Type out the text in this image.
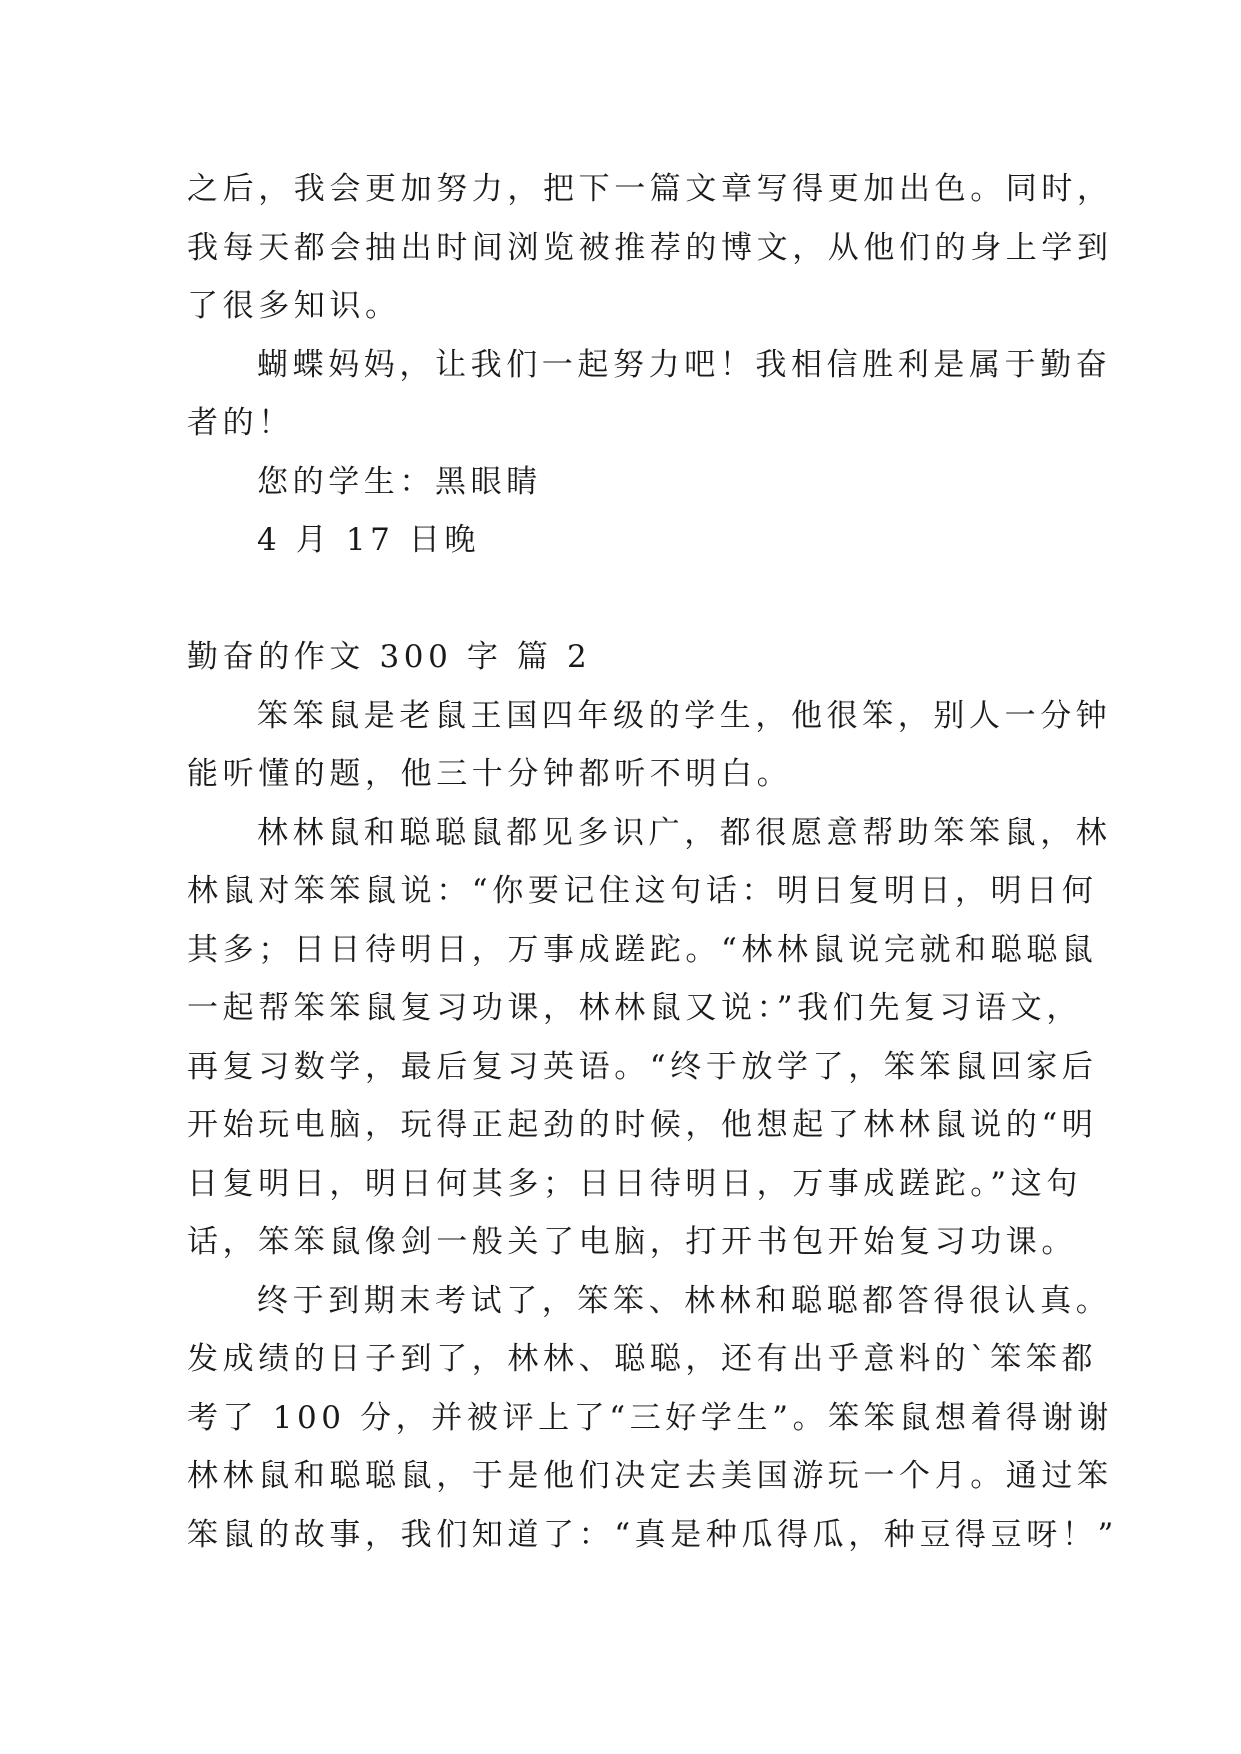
之后，我会更加努力，把下一篇文章写得更加出色。同时，
我每天都会抽出时间浏览被推荐的博文，从他们的身上学到
了很多知识。
蝴蝶妈妈，让我们一起努力吧！我相信胜利是属于勤奋
者的！
您的学生：黑眼睛
4 月 17 日晚
勤奋的作文 300 字 篇 2
笨笨鼠是老鼠王国四年级的学生，他很笨，别人一分钟
能听懂的题，他三十分钟都听不明白。
林林鼠和聪聪鼠都见多识广，都很愿意帮助笨笨鼠，林
林鼠对笨笨鼠说：“你要记住这句话：明日复明日，明日何
其多；日日待明日，万事成蹉跎。“林林鼠说完就和聪聪鼠
一起帮笨笨鼠复习功课，林林鼠又说：”我们先复习语文，
再复习数学，最后复习英语。“终于放学了，笨笨鼠回家后
开始玩电脑，玩得正起劲的时候，他想起了林林鼠说的“明
日复明日，明日何其多；日日待明日，万事成蹉跎。”这句
话，笨笨鼠像剑一般关了电脑，打开书包开始复习功课。
终于到期末考试了，笨笨、林林和聪聪都答得很认真。
发成绩的日子到了，林林、聪聪，还有出乎意料的`笨笨都
考了 100 分，并被评上了“三好学生”。笨笨鼠想着得谢谢
林林鼠和聪聪鼠，于是他们决定去美国游玩一个月。通过笨
笨鼠的故事，我们知道了：“真是种瓜得瓜，种豆得豆呀！”
